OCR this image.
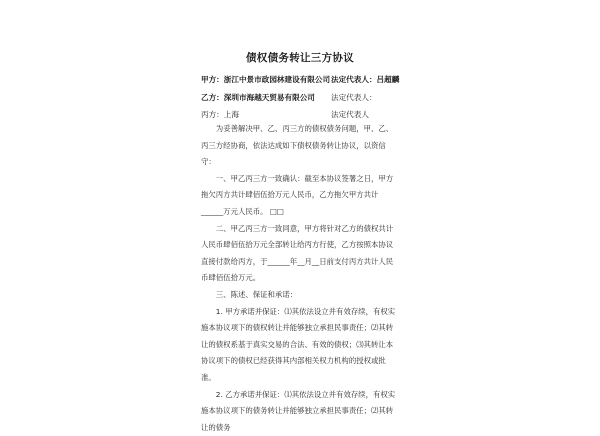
债权债务转让三方协议
甲方：浙江中景市政园林建设有限公司 法定代表人：吕超麟
乙方：深圳市海越天贸易有限公司 法定代表人：
丙方：上海	法定代表人

为妥善解决甲、乙、丙三方的债权债务问题，甲、乙、丙三方经协商，依法达成如下债权债务转让协议，以资信守：

一、甲乙丙三方一致确认：截至本协议签署之日，甲方拖欠丙方共计肆佰伍拾万元人民币，乙方拖欠甲方共计______万元人民币。 □□

二、甲乙丙三方一致同意，甲方将针对乙方的债权共计人民币肆佰伍拾万元全部转让给丙方行使，乙方按照本协议直接付款给丙方，于______年__月__日前支付丙方共计人民币肆佰伍拾万元。

三、陈述、保证和承诺：

1. 甲方承诺并保证：⑴其依法设立并有效存续，有权实施本协议项下的债权转让并能够独立承担民事责任；⑵其转让的债权系基于真实交易的合法、有效的债权；⑶其转让本协议项下的债权已经获得其内部相关权力机构的授权或批准。

2. 乙方承诺并保证：⑴其依法设立并有效存续，有权实施本协议项下的债务转让并能够独立承担民事责任；⑵其转让的债务
